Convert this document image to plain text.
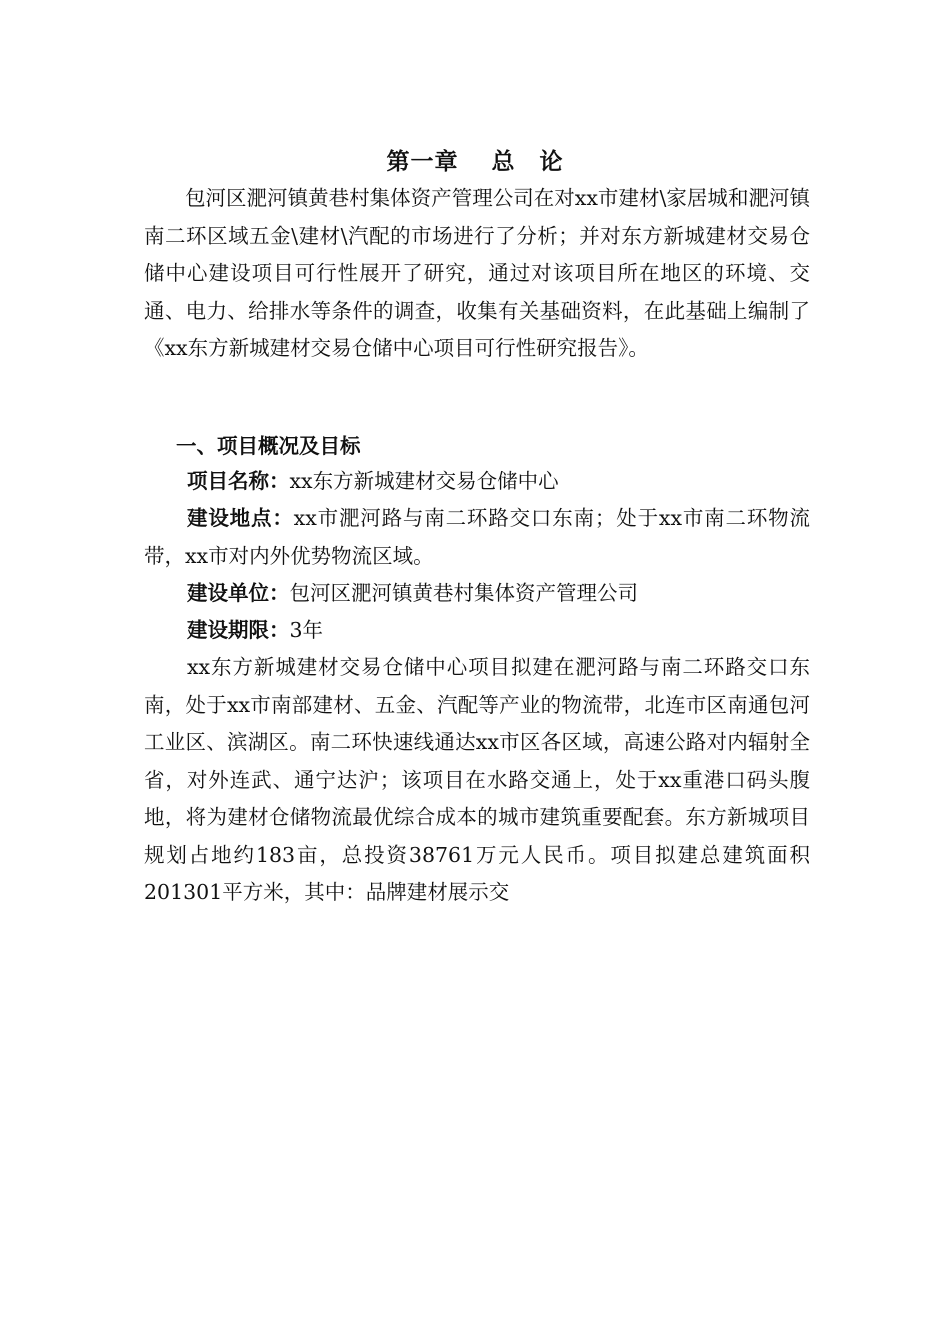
第一章　 总　论

包河区淝河镇黄巷村集体资产管理公司在对xx市建材\家居城和淝河镇南二环区域五金\建材\汽配的市场进行了分析；并对东方新城建材交易仓储中心建设项目可行性展开了研究，通过对该项目所在地区的环境、交通、电力、给排水等条件的调查，收集有关基础资料，在此基础上编制了《xx东方新城建材交易仓储中心项目可行性研究报告》。

一、项目概况及目标

项目名称：xx东方新城建材交易仓储中心

建设地点：xx市淝河路与南二环路交口东南；处于xx市南二环物流带，xx市对内外优势物流区域。

建设单位：包河区淝河镇黄巷村集体资产管理公司

建设期限：3年

xx东方新城建材交易仓储中心项目拟建在淝河路与南二环路交口东南，处于xx市南部建材、五金、汽配等产业的物流带，北连市区南通包河工业区、滨湖区。南二环快速线通达xx市区各区域，高速公路对内辐射全省，对外连武、通宁达沪；该项目在水路交通上，处于xx重港口码头腹地，将为建材仓储物流最优综合成本的城市建筑重要配套。东方新城项目规划占地约183亩，总投资38761万元人民币。项目拟建总建筑面积201301平方米，其中：品牌建材展示交
